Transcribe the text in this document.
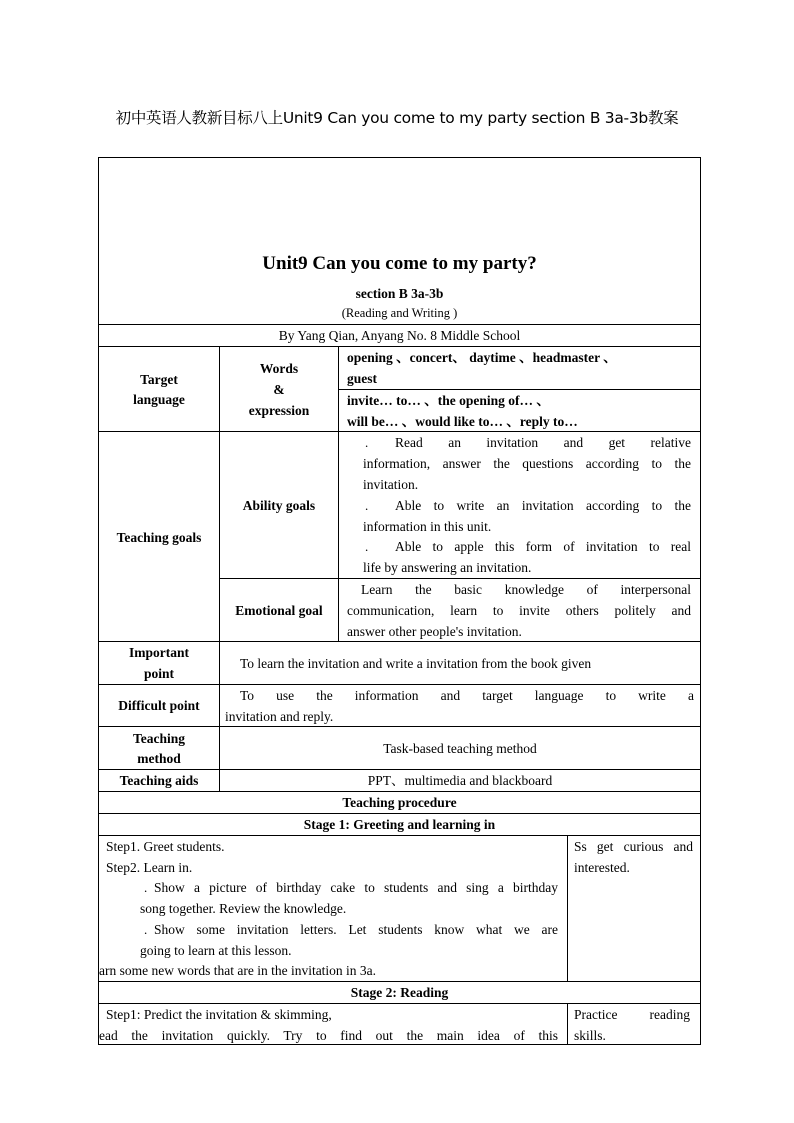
初中英语人教新目标八上Unit9 Can you come to my party section B 3a-3b教案
Unit9 Can you come to my party?
section B 3a-3b
(Reading and Writing )
By Yang Qian, Anyang No. 8 Middle School
Target
language
Words
&
expression
opening 、concert、 daytime 、headmaster 、
guest
invite… to… 、the opening of… 、
will be… 、would like to… 、reply to…
Teaching goals
Ability goals
. Read an invitation and get relative
information, answer the questions according to the
invitation.
. Able to write an invitation according to the
information in this unit.
. Able to apple this form of invitation to real
life by answering an invitation.
Emotional goal
Learn the basic knowledge of interpersonal
communication, learn to invite others politely and
answer other people's invitation.
Important
point
To learn the invitation and write a invitation from the book given
Difficult point
To use the information and target language to write a
invitation and reply.
Teaching
method
Task-based teaching method
Teaching aids	PPT、multimedia and blackboard
Teaching procedure
Stage 1: Greeting and learning in
Step1. Greet students.
Step2. Learn in.
. Show a picture of birthday cake to students and sing a birthday
song together. Review the knowledge.
. Show some invitation letters. Let students know what we are
going to learn at this lesson.
arn some new words that are in the invitation in 3a.
Ss get curious and
interested.
Stage 2: Reading
Step1: Predict the invitation & skimming,
ead the invitation quickly. Try to find out the main idea of this
Practice reading
skills.
